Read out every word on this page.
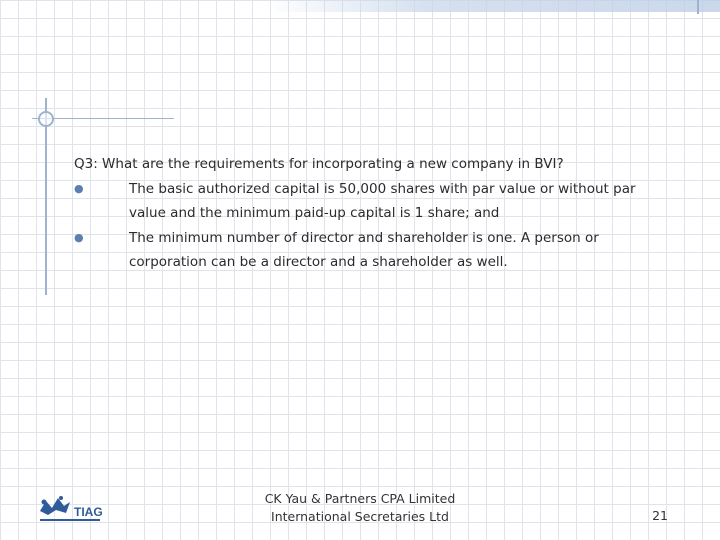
Q3: What are the requirements for incorporating a new company in BVI?
●	The basic authorized capital is 50,000 shares with par value or without par value and the minimum paid-up capital is 1 share; and
●	The minimum number of director and shareholder is one. A person or corporation can be a director and a shareholder as well.
TIAG
CK Yau & Partners CPA Limited
International Secretaries Ltd	21
